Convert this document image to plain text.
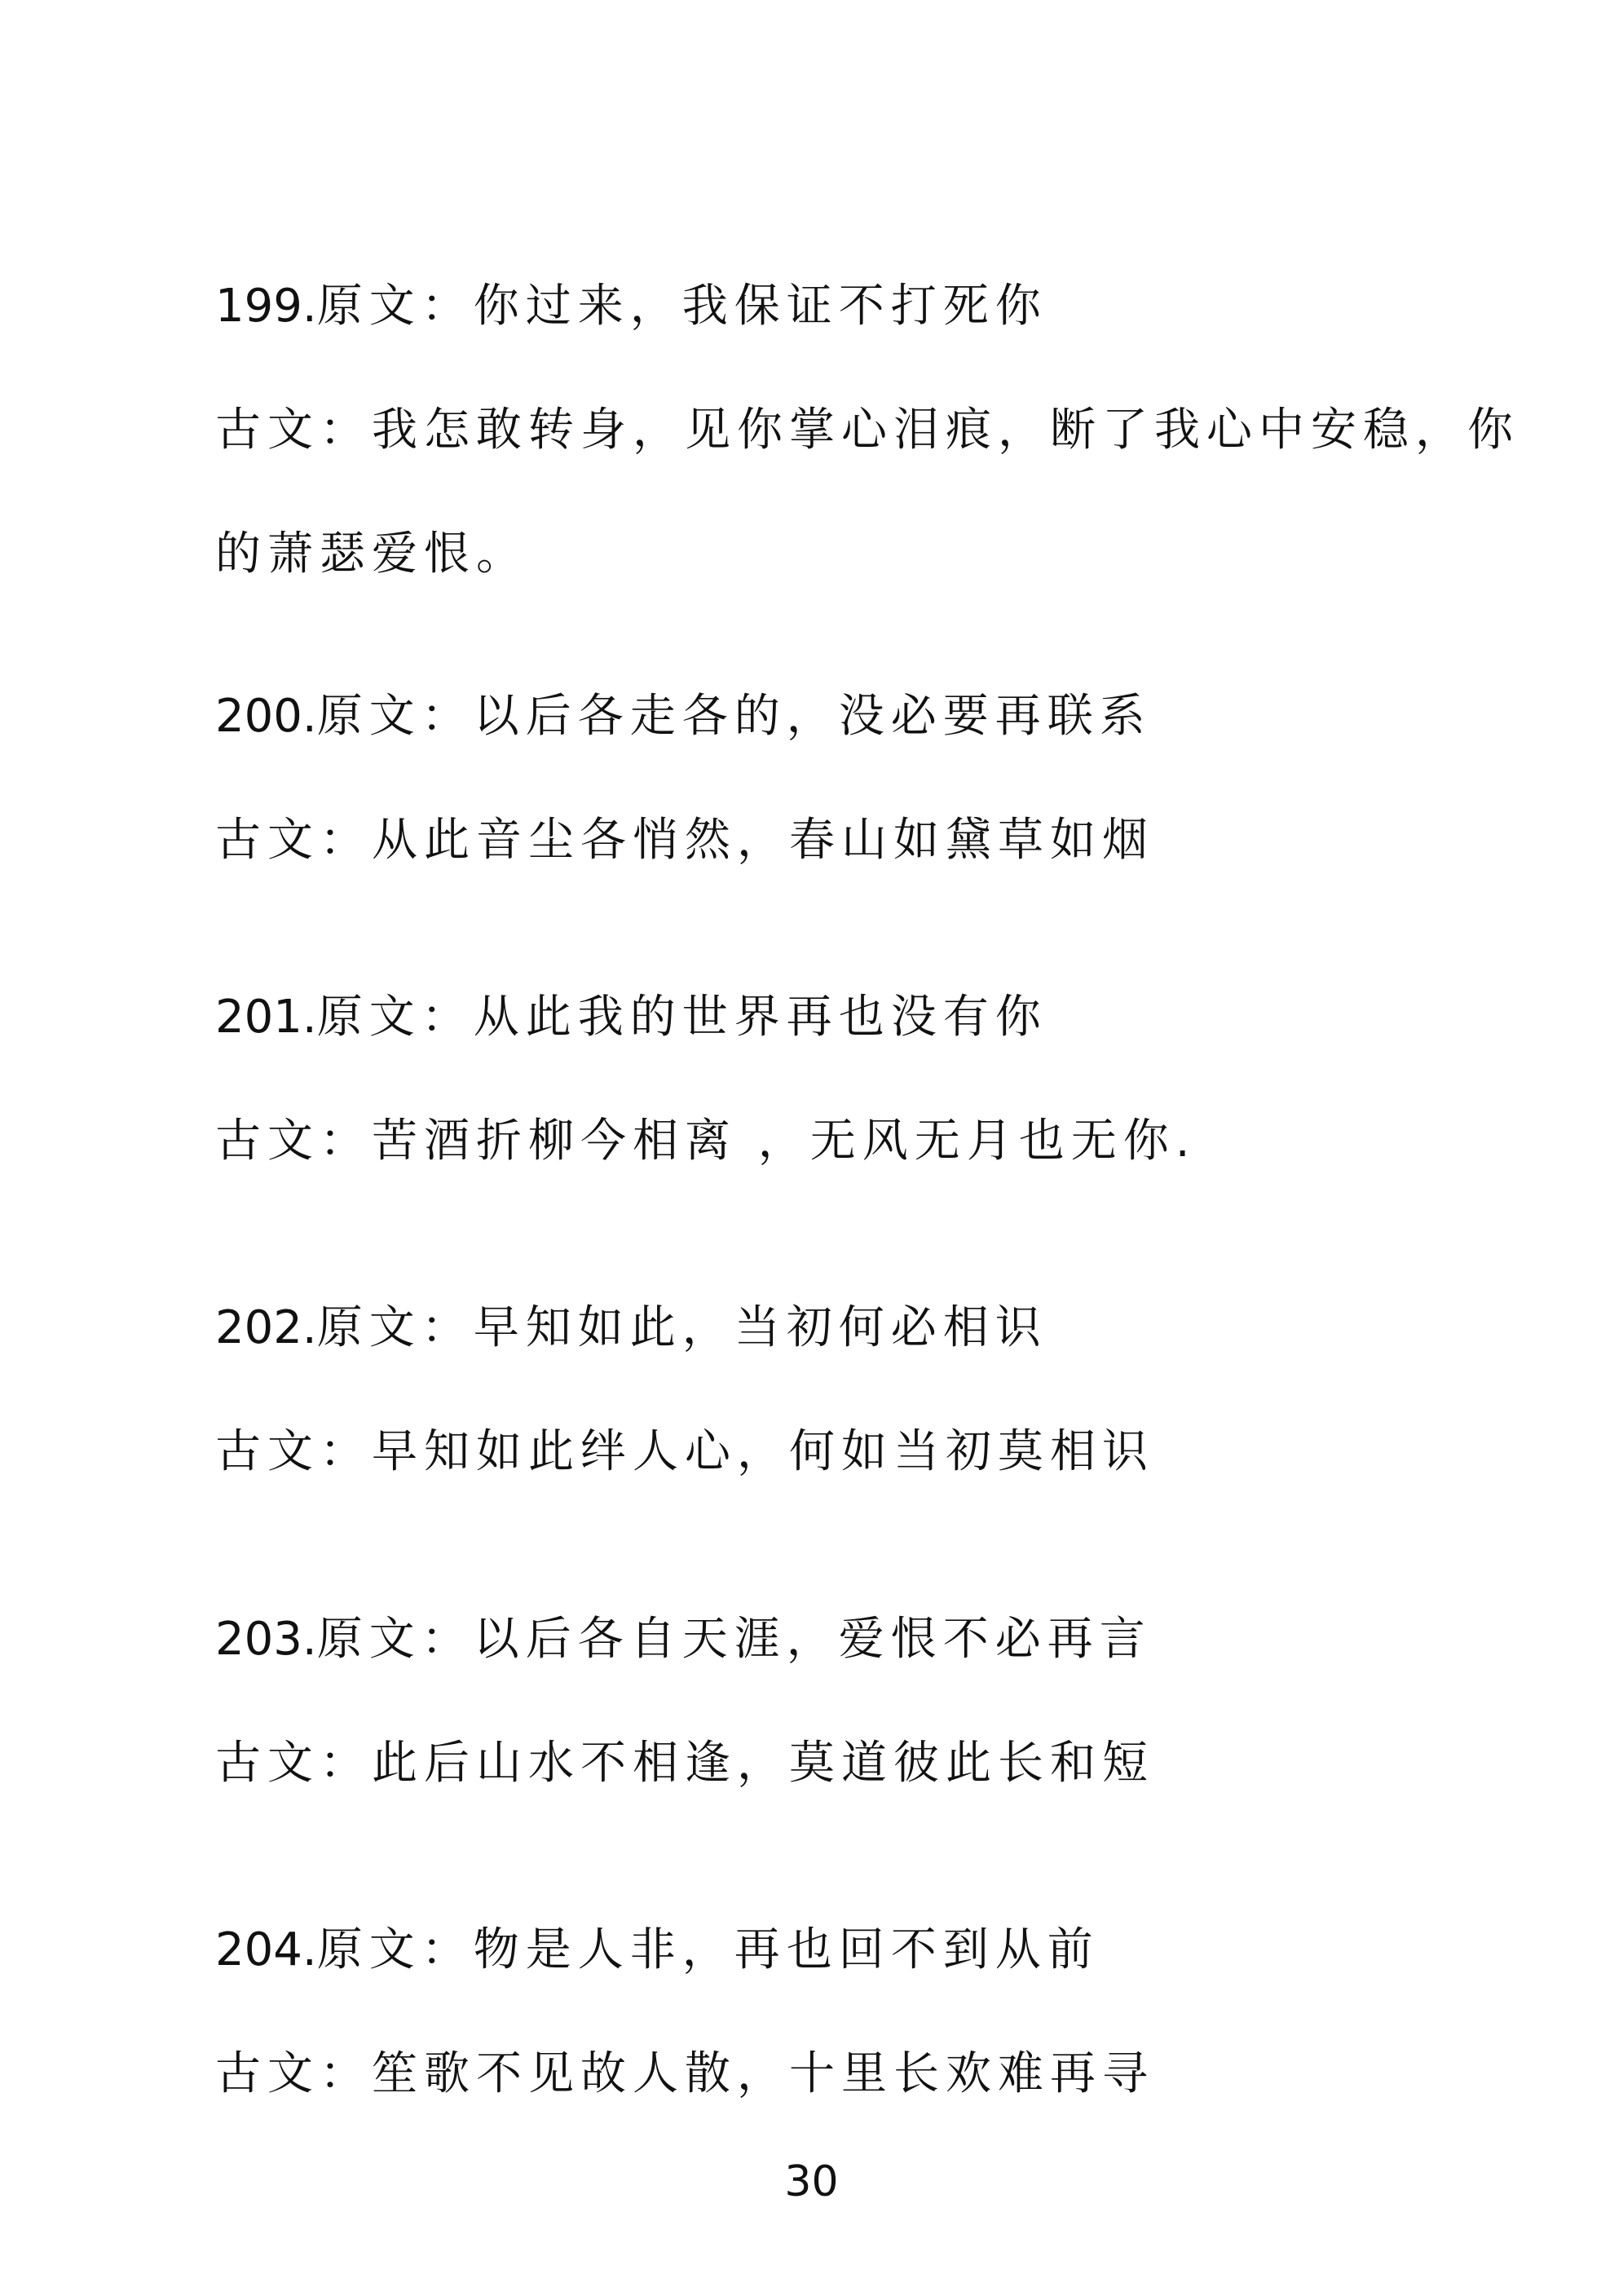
199.原文：你过来，我保证不打死你
古文：我怎敢转身，见你掌心泪痕，断了我心中安稳，你
的萧瑟爱恨。
200.原文：以后各走各的，没必要再联系
古文：从此音尘各悄然，春山如黛草如烟
201.原文：从此我的世界再也没有你
古文：苦酒折柳今相离 ，无风无月也无你.
202.原文：早知如此，当初何必相识
古文：早知如此绊人心，何如当初莫相识
203.原文：以后各自天涯，爱恨不必再言
古文：此后山水不相逢，莫道彼此长和短
204.原文：物是人非，再也回不到从前
古文：笙歌不见故人散，十里长欢难再寻
30
